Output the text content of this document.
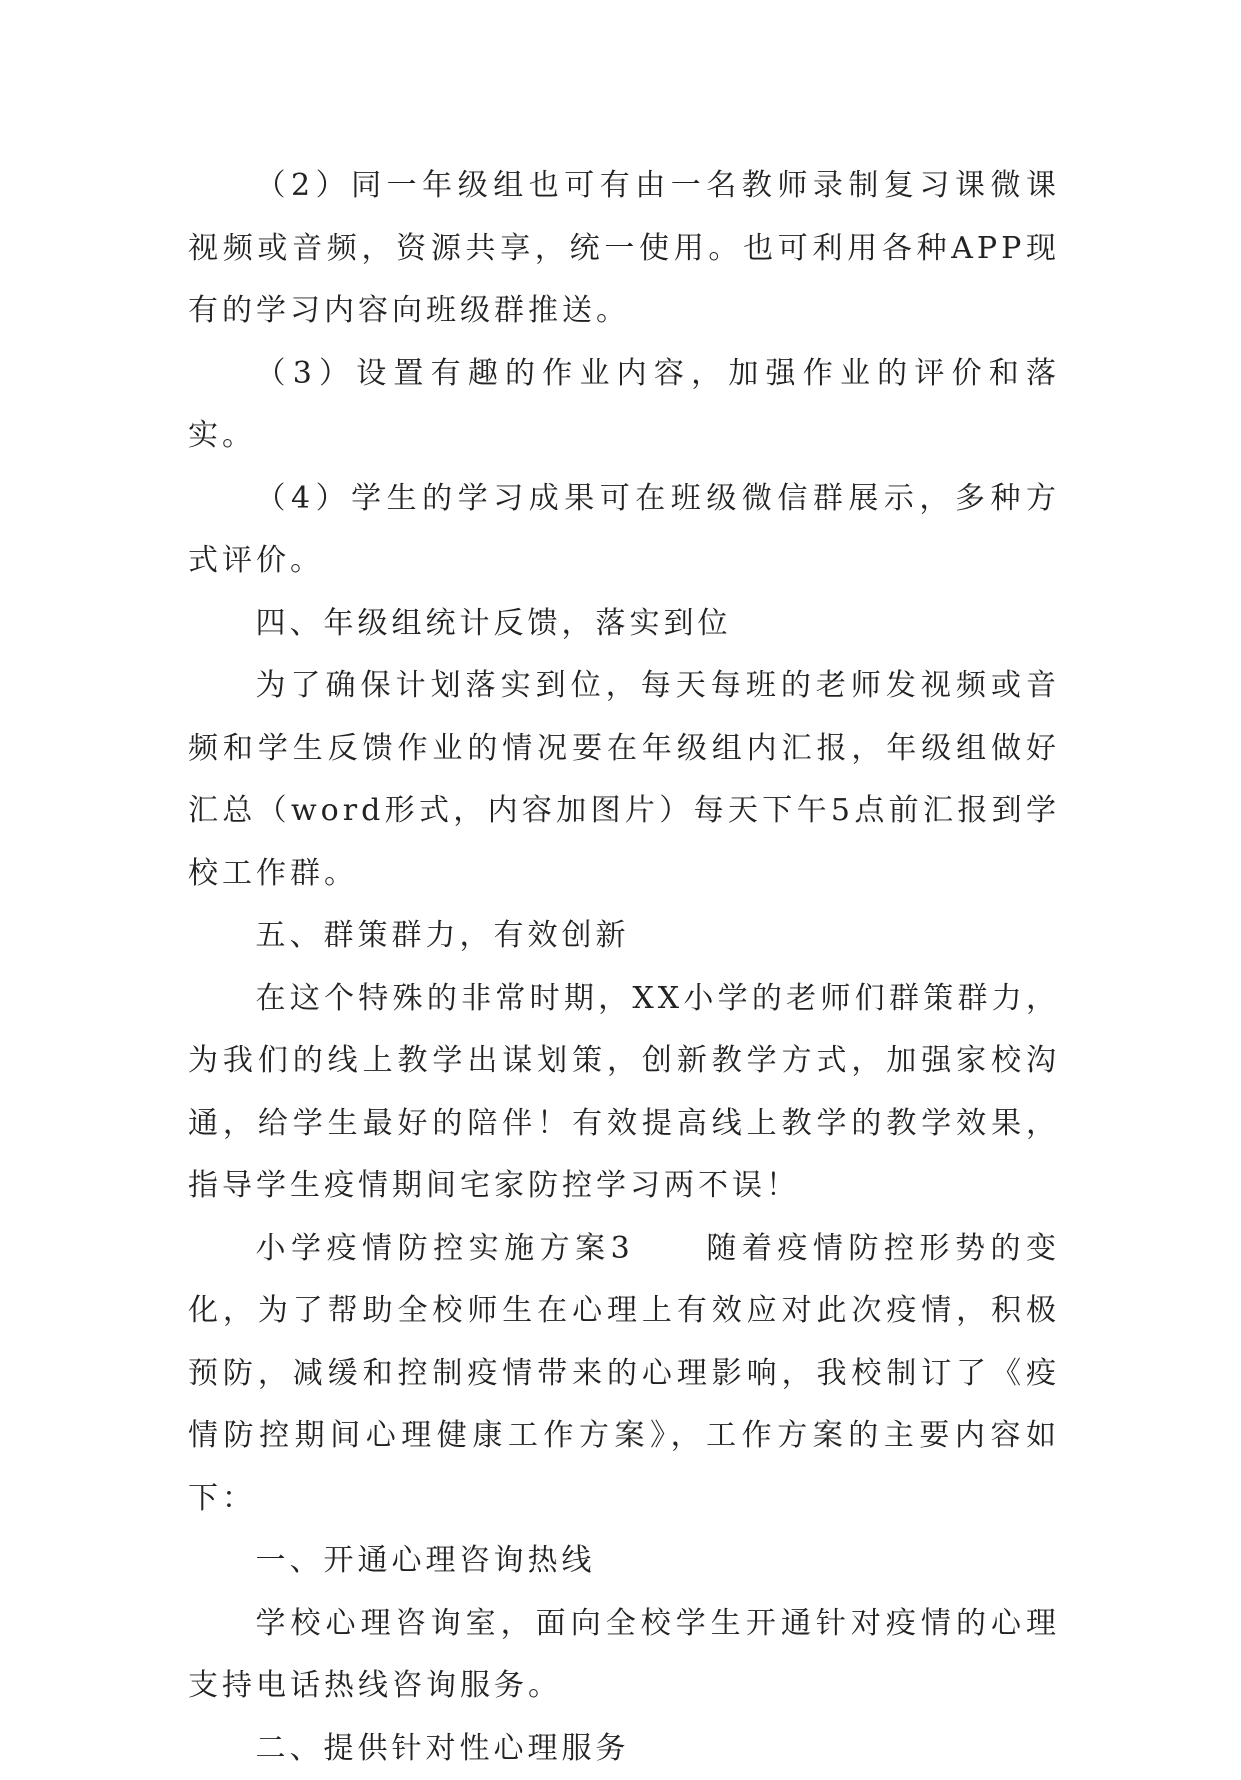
（2）同一年级组也可有由一名教师录制复习课微课视频或音频，资源共享，统一使用。也可利用各种APP现有的学习内容向班级群推送。

（3）设置有趣的作业内容，加强作业的评价和落实。

（4）学生的学习成果可在班级微信群展示，多种方式评价。

四、年级组统计反馈，落实到位

为了确保计划落实到位，每天每班的老师发视频或音频和学生反馈作业的情况要在年级组内汇报，年级组做好汇总（word形式，内容加图片）每天下午5点前汇报到学校工作群。

五、群策群力，有效创新

在这个特殊的非常时期，XX小学的老师们群策群力，为我们的线上教学出谋划策，创新教学方式，加强家校沟通，给学生最好的陪伴！有效提高线上教学的教学效果，指导学生疫情期间宅家防控学习两不误！

小学疫情防控实施方案3　　随着疫情防控形势的变化，为了帮助全校师生在心理上有效应对此次疫情，积极预防，减缓和控制疫情带来的心理影响，我校制订了《疫情防控期间心理健康工作方案》，工作方案的主要内容如下：

一、开通心理咨询热线

学校心理咨询室，面向全校学生开通针对疫情的心理支持电话热线咨询服务。

二、提供针对性心理服务
